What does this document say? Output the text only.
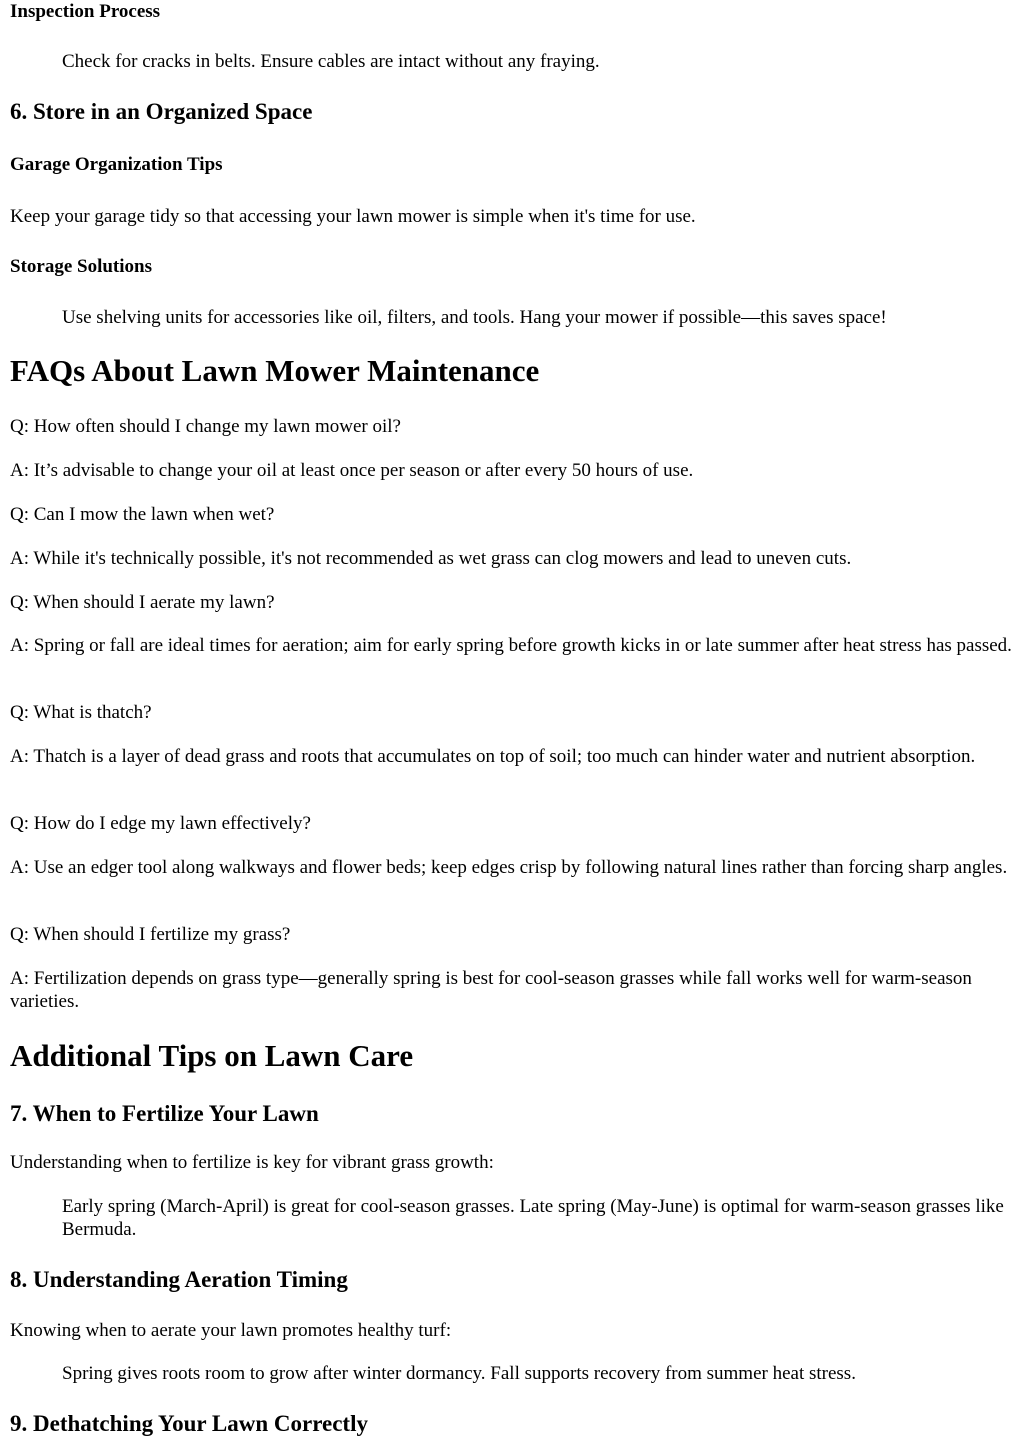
Inspection Process

Check for cracks in belts. Ensure cables are intact without any fraying.

6. Store in an Organized Space
Garage Organization Tips

Keep your garage tidy so that accessing your lawn mower is simple when it's time for use.

Storage Solutions

Use shelving units for accessories like oil, filters, and tools. Hang your mower if possible—this saves space!

FAQs About Lawn Mower Maintenance

Q: How often should I change my lawn mower oil?

A: It’s advisable to change your oil at least once per season or after every 50 hours of use.

Q: Can I mow the lawn when wet?

A: While it's technically possible, it's not recommended as wet grass can clog mowers and lead to uneven cuts.

Q: When should I aerate my lawn?

A: Spring or fall are ideal times for aeration; aim for early spring before growth kicks in or late summer after heat stress has passed.

Q: What is thatch?

A: Thatch is a layer of dead grass and roots that accumulates on top of soil; too much can hinder water and nutrient absorption.

Q: How do I edge my lawn effectively?

A: Use an edger tool along walkways and flower beds; keep edges crisp by following natural lines rather than forcing sharp angles.

Q: When should I fertilize my grass?

A: Fertilization depends on grass type—generally spring is best for cool-season grasses while fall works well for warm-season varieties.

Additional Tips on Lawn Care
7. When to Fertilize Your Lawn

Understanding when to fertilize is key for vibrant grass growth:

Early spring (March-April) is great for cool-season grasses. Late spring (May-June) is optimal for warm-season grasses like Bermuda.

8. Understanding Aeration Timing

Knowing when to aerate your lawn promotes healthy turf:

Spring gives roots room to grow after winter dormancy. Fall supports recovery from summer heat stress.

9. Dethatching Your Lawn Correctly
